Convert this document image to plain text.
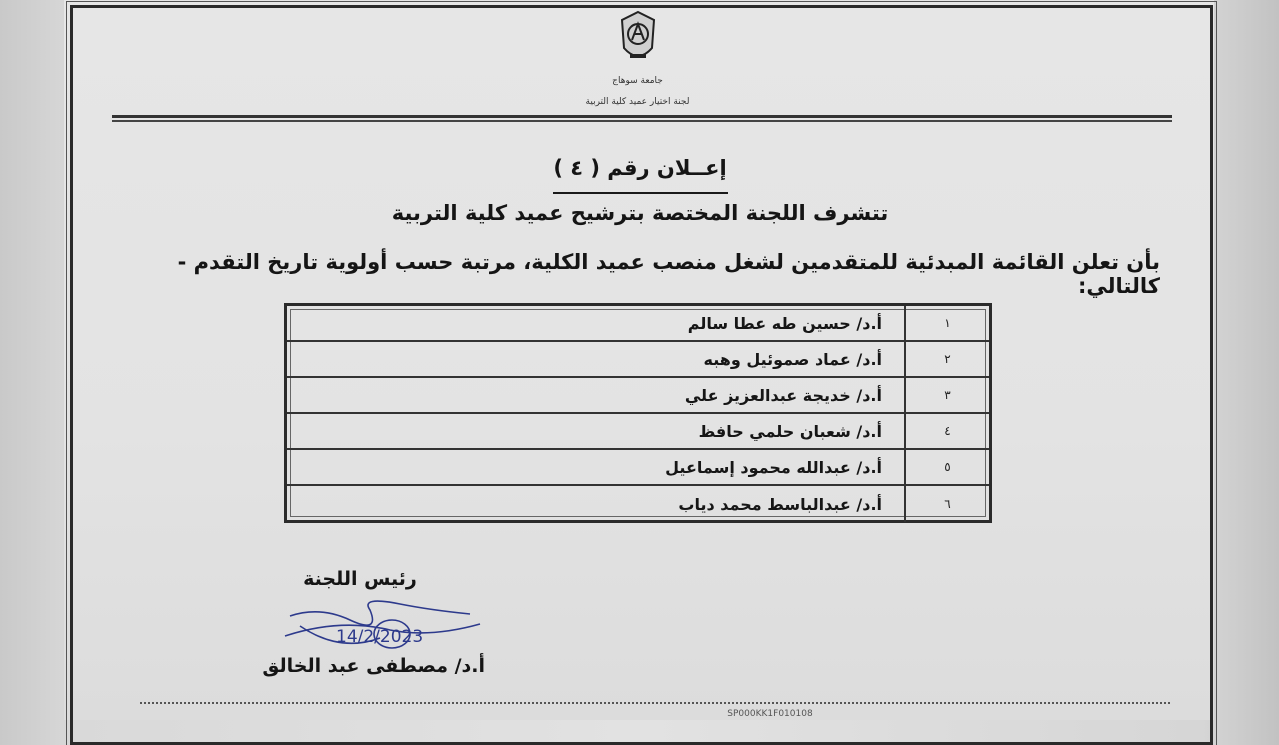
جامعة سوهاج
لجنة اختيار عميد كلية التربية
إعــلان رقم ( ٤ )
تتشرف اللجنة المختصة بترشيح عميد كلية التربية
بأن تعلن القائمة المبدئية للمتقدمين لشغل منصب عميد الكلية، مرتبة حسب أولوية تاريخ التقدم - كالتالي:
١
أ.د/ حسين طه عطا سالم
٢
أ.د/ عماد صموئيل وهبه
٣
أ.د/ خديجة عبدالعزيز علي
٤
أ.د/ شعبان حلمي حافظ
٥
أ.د/ عبدالله محمود إسماعيل
٦
أ.د/ عبدالباسط محمد دياب
رئيس اللجنة
14/2/2023
أ.د/ مصطفى عبد الخالق
SP000KK1F010108
